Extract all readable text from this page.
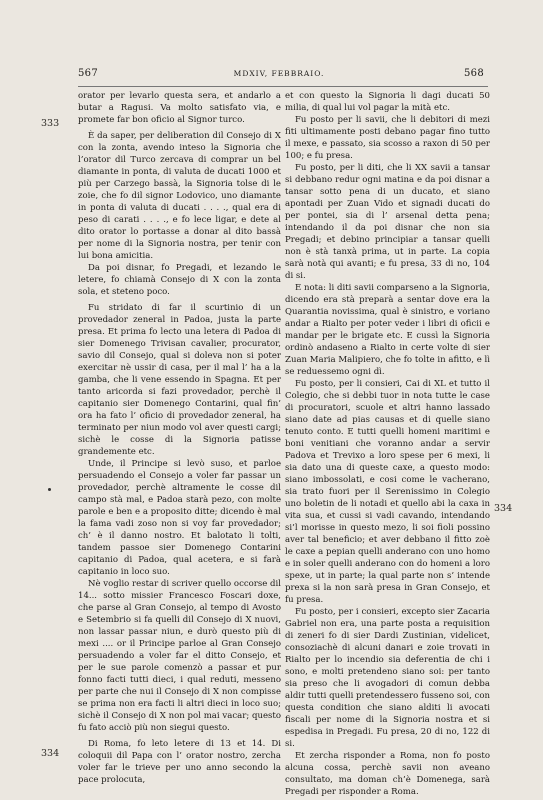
567	MDXIV, FEBBRAIO.	568
333
334
334

orator per levarlo questa sera, et andarlo a butar a Ragusi. Va molto satisfato via, e promete far bon oficio al Signor turco.

È da saper, per deliberation dil Consejo di X con la zonta, avendo inteso la Signoria che l’orator dil Turco zercava di comprar un bel diamante in ponta, di valuta de ducati 1000 et più per Carzego bassà, la Signoria tolse di le zoie, che fo dil signor Lodovico, uno diamante in ponta di valuta di ducati . . . ., qual era di peso di carati . . . ., e fo lece ligar, e dete al dito orator lo portasse a donar al dito bassà per nome di la Signoria nostra, per tenir con lui bona amicitia.

Da poi disnar, fo Pregadi, et lezando le letere, fo chiamà Consejo di X con la zonta sola, et steteno poco.

Fu stridato di far il scurtinio di un provedador zeneral in Padoa, justa la parte presa. Et prima fo lecto una letera di Padoa di sier Domenego Trivisan cavalier, procurator, savio dil Consejo, qual si doleva non si poter exercitar nè ussir di casa, per il mal l’ ha a la gamba, che li vene essendo in Spagna. Et per tanto aricorda si fazi provedador, perchè il capitanio sier Domenego Contarini, qual fin’ ora ha fato l’ oficio di provedador zeneral, ha terminato per niun modo vol aver questi cargi; sichè le cosse di la Signoria patisse grandemente etc.

Unde, il Principe si levò suso, et parloe persuadendo el Consejo a voler far passar un provedador, perchè altramente le cosse dil campo stà mal, e Padoa starà pezo, con molte parole e ben e a proposito ditte; dicendo è mal la fama vadi zoso non si voy far provedador; ch’ è il danno nostro. Et balotato li tolti, tandem passoe sier Domenego Contarini capitanio di Padoa, qual acetera, e si farà capitanio in loco suo.

Nè voglio restar di scriver quello occorse dil 14... sotto missier Francesco Foscari doxe, che parse al Gran Consejo, al tempo di Avosto e Setembrio si fa quelli dil Consejo di X nuovi, non lassar passar niun, e durò questo più di mexi .... or il Principe parloe al Gran Consejo persuadendo a voler far el ditto Consejo, et per le sue parole comenzò a passar et pur fonno facti tutti dieci, i qual reduti, messeno per parte che nui il Consejo di X non compisse se prima non era facti li altri dieci in loco suo; sichè il Consejo di X non pol mai vacar; questo fu fato acciò più non siegui questo.

Di Roma, fo leto letere di 13 et 14. Di coloquii dil Papa con l’ orator nostro, zercha voler far le trieve per uno anno secondo la pace prolocuta,

et con questo la Signoria li dagi ducati 50 milia, di qual lui vol pagar la mità etc.

Fu posto per li savii, che li debitori di mezi fiti ultimamente posti debano pagar fino tutto il mexe, e passato, sia scosso a raxon di 50 per 100; e fu presa.

Fu posto, per li diti, che li XX savii a tansar si debbano redur ogni matina e da poi disnar a tansar sotto pena di un ducato, et siano apontadi per Zuan Vido et signadi ducati do per pontei, sia di l’ arsenal detta pena; intendando il da poi disnar che non sia Pregadi; et debino principiar a tansar quelli non è stà tanxà prima, ut in parte. La copia sarà notà qui avanti; e fu presa, 33 di no, 104 di si.

E nota: li diti savii comparseno a la Signoria, dicendo era stà preparà a sentar dove era la Quarantia novissima, qual è sinistro, e voriano andar a Rialto per poter veder i libri di oficii e mandar per le brigate etc. E cussì la Signoria ordinò andaseno a Rialto in certe volte di sier Zuan Maria Malipiero, che fo tolte in afitto, e lì se reduessemo ogni dì.

Fu posto, per li consieri, Cai di XL et tutto il Colegio, che si debbi tuor in nota tutte le case di procuratori, scuole et altri hanno lassado siano date ad pias causas et di quelle siano tenuto conto. E tutti quelli homeni maritimi e boni venitiani che voranno andar a servir Padova et Trevixo a loro spese per 6 mexi, li sia dato una di queste caxe, a questo modo: siano imbossolati, e cosi come le vacherano, sia trato fuori per il Serenissimo in Colegio uno boletin de li notadi et quello abi la caxa in vita sua, et cussi si vadi cavando, intendando si’l morisse in questo mezo, li soi fioli possino aver tal beneficio; et aver debbano il fitto zoè le caxe a pepian quelli anderano con uno homo e in soler quelli anderano con do homeni a loro spexe, ut in parte; la qual parte non s’ intende prexa si la non sarà presa in Gran Consejo, et fu presa.

Fu posto, per i consieri, excepto sier Zacaria Gabriel non era, una parte posta a requisition di zeneri fo di sier Dardi Zustinian, videlicet, consoziachè di alcuni danari e zoie trovati in Rialto per lo incendio sia deferentia de chi i sono, e molti pretendeno siano soi: per tanto sia preso che li avogadori di comun debba aldir tutti quelli pretendessero fusseno soi, con questa condition che siano alditi li avocati fiscali per nome di la Signoria nostra et si espedisa in Pregadi. Fu presa, 20 di no, 122 di si.

Et zercha risponder a Roma, non fo posto alcuna cossa, perchè savii non aveano consultato, ma doman ch’è Domenega, sarà Pregadi per risponder a Roma.
